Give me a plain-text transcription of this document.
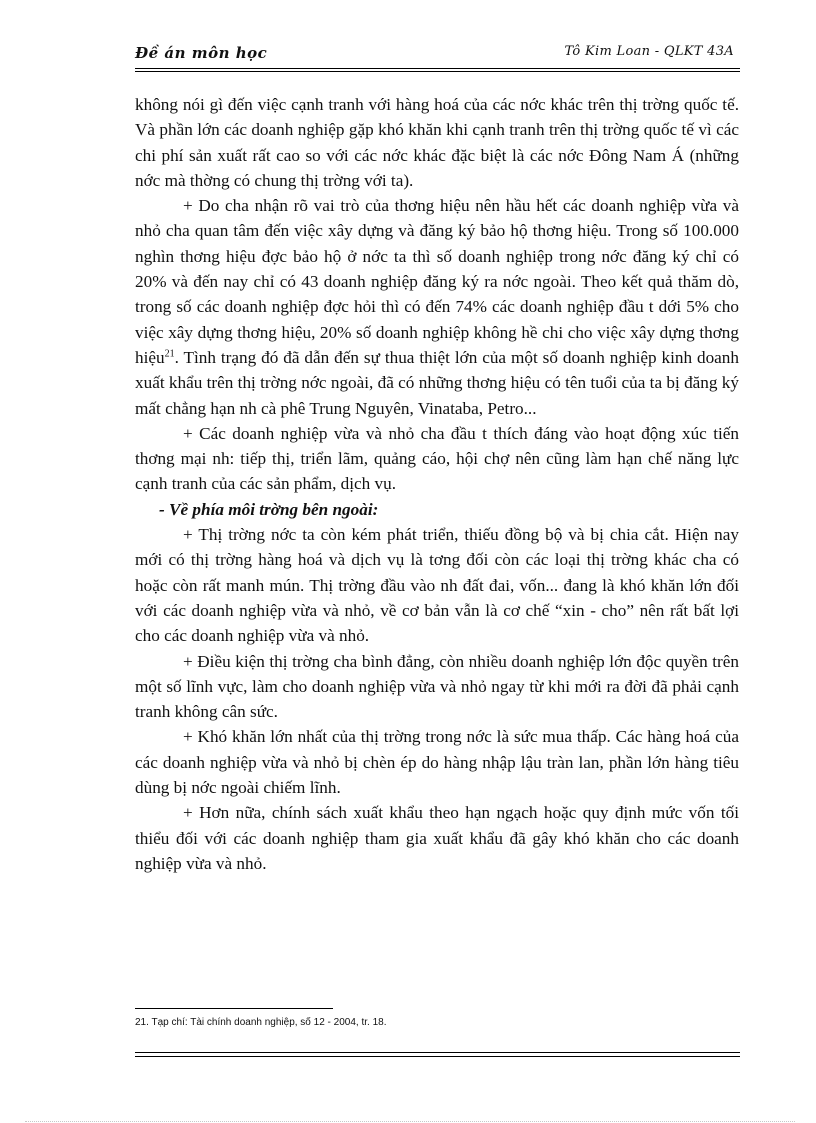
Đề án môn học	Tô Kim Loan - QLKT 43A

không nói gì đến việc cạnh tranh với hàng hoá của các nớc khác trên thị trờng quốc tế. Và phần lớn các doanh nghiệp gặp khó khăn khi cạnh tranh trên thị trờng quốc tế vì các chi phí sản xuất rất cao so với các nớc khác đặc biệt là các nớc Đông Nam Á (những nớc mà thờng có chung thị trờng với ta).

+ Do cha nhận rõ vai trò của thơng hiệu nên hầu hết các doanh nghiệp vừa và nhỏ cha quan tâm đến việc xây dựng và đăng ký bảo hộ thơng hiệu. Trong số 100.000 nghìn thơng hiệu đợc bảo hộ ở nớc ta thì số doanh nghiệp trong nớc đăng ký chỉ có 20% và đến nay chỉ có 43 doanh nghiệp đăng ký ra nớc ngoài. Theo kết quả thăm dò, trong số các doanh nghiệp đợc hỏi thì có đến 74% các doanh nghiệp đầu t dới 5% cho việc xây dựng thơng hiệu, 20% số doanh nghiệp không hề chi cho việc xây dựng thơng hiệu$^{21}$. Tình trạng đó đã dẫn đến sự thua thiệt lớn của một số doanh nghiệp kinh doanh xuất khẩu trên thị trờng nớc ngoài, đã có những thơng hiệu có tên tuổi của ta bị đăng ký mất chẳng hạn nh cà phê Trung Nguyên, Vinataba, Petro...

+ Các doanh nghiệp vừa và nhỏ cha đầu t thích đáng vào hoạt động xúc tiến thơng mại nh: tiếp thị, triển lãm, quảng cáo, hội chợ nên cũng làm hạn chế năng lực cạnh tranh của các sản phẩm, dịch vụ.

- Về phía môi trờng bên ngoài:

+ Thị trờng nớc ta còn kém phát triển, thiếu đồng bộ và bị chia cắt. Hiện nay mới có thị trờng hàng hoá và dịch vụ là tơng đối còn các loại thị trờng khác cha có hoặc còn rất manh mún. Thị trờng đầu vào nh đất đai, vốn... đang là khó khăn lớn đối với các doanh nghiệp vừa và nhỏ, về cơ bản vẫn là cơ chế “xin - cho” nên rất bất lợi cho các doanh nghiệp vừa và nhỏ.

+ Điều kiện thị trờng cha bình đẳng, còn nhiều doanh nghiệp lớn độc quyền trên một số lĩnh vực, làm cho doanh nghiệp vừa và nhỏ ngay từ khi mới ra đời đã phải cạnh tranh không cân sức.

+ Khó khăn lớn nhất của thị trờng trong nớc là sức mua thấp. Các hàng hoá của các doanh nghiệp vừa và nhỏ bị chèn ép do hàng nhập lậu tràn lan, phần lớn hàng tiêu dùng bị nớc ngoài chiếm lĩnh.

+ Hơn nữa, chính sách xuất khẩu theo hạn ngạch hoặc quy định mức vốn tối thiểu đối với các doanh nghiệp tham gia xuất khẩu đã gây khó khăn cho các doanh nghiệp vừa và nhỏ.

21. Tạp chí: Tài chính doanh nghiệp, số 12 - 2004, tr. 18.
